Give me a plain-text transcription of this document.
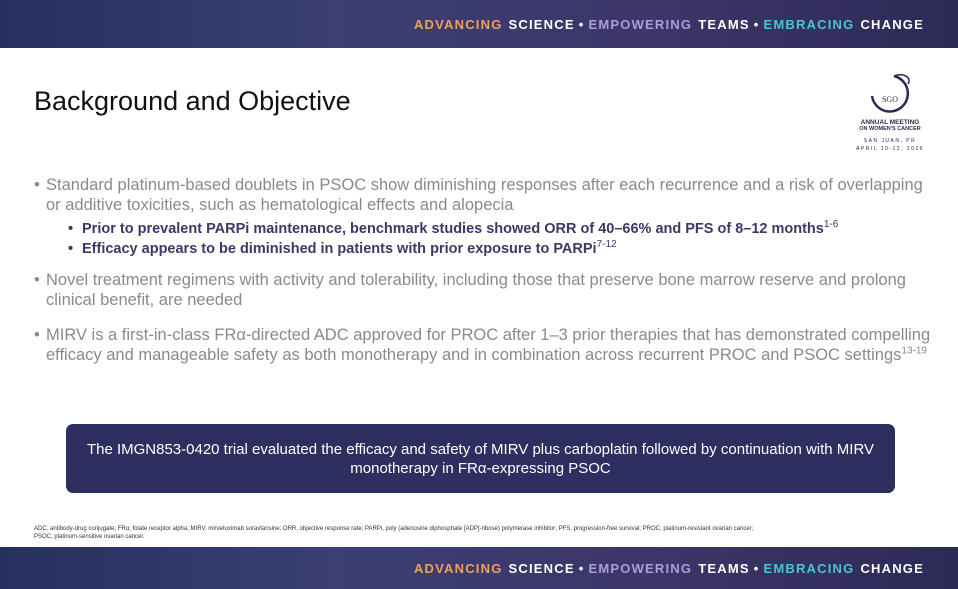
ADVANCING SCIENCE • EMPOWERING TEAMS • EMBRACING CHANGE
Background and Objective	SGO
ANNUAL MEETING
ON WOMEN'S CANCER
SAN JUAN, PR
APRIL 10-13, 2026
• Standard platinum-based doublets in PSOC show diminishing responses after each recurrence and a risk of overlapping or additive toxicities, such as hematological effects and alopecia
• Prior to prevalent PARPi maintenance, benchmark studies showed ORR of 40–66% and PFS of 8–12 months$^{1-6}$
• Efficacy appears to be diminished in patients with prior exposure to PARPi$^{7-12}$
• Novel treatment regimens with activity and tolerability, including those that preserve bone marrow reserve and prolong clinical benefit, are needed
• MIRV is a first-in-class FRα-directed ADC approved for PROC after 1–3 prior therapies that has demonstrated compelling efficacy and manageable safety as both monotherapy and in combination across recurrent PROC and PSOC settings$^{13-19}$

The IMGN853-0420 trial evaluated the efficacy and safety of MIRV plus carboplatin followed by continuation with MIRV monotherapy in FRα-expressing PSOC

ADC, antibody-drug conjugate; FRα, folate receptor alpha; MIRV, mirvetuximab soravtansine; ORR, objective response rate; PARPi, poly (adenosine diphosphate [ADP]-ribose) polymerase inhibitor; PFS, progression-free survival; PROC, platinum-resistant ovarian cancer;
PSOC, platinum-sensitive ovarian cancer.
ADVANCING SCIENCE • EMPOWERING TEAMS • EMBRACING CHANGE
